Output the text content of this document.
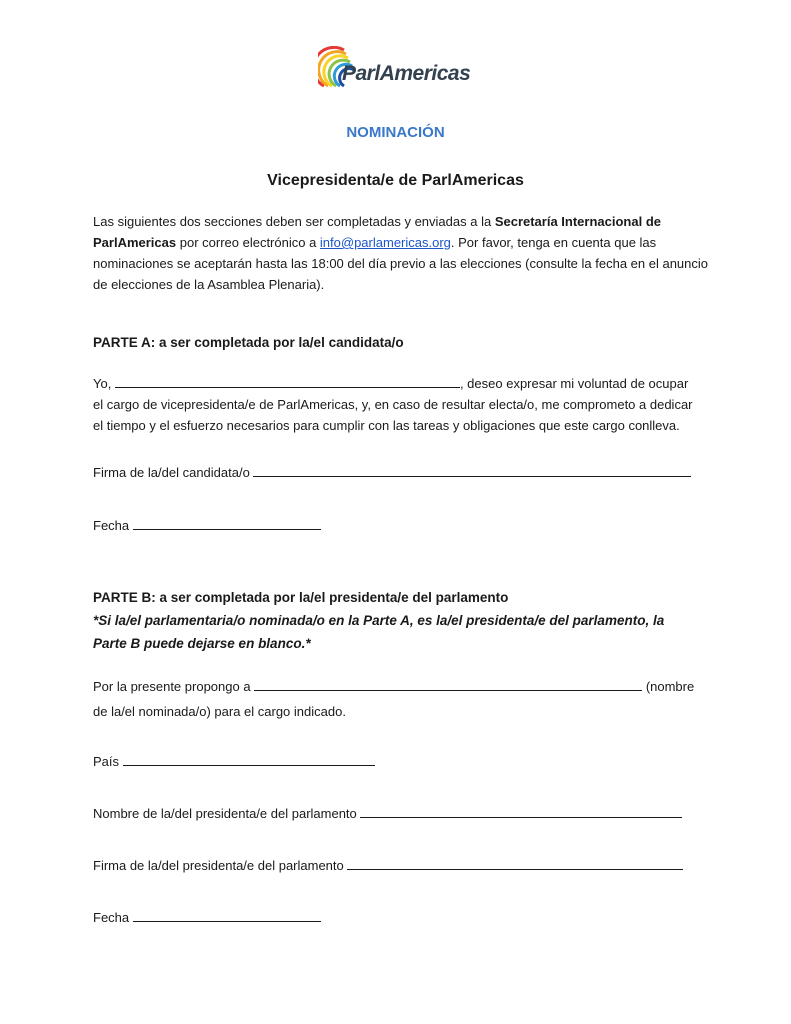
ParlAmericas
NOMINACIÓN
Vicepresidenta/e de ParlAmericas
Las siguientes dos secciones deben ser completadas y enviadas a la Secretaría Internacional de
ParlAmericas por correo electrónico a info@parlamericas.org. Por favor, tenga en cuenta que las
nominaciones se aceptarán hasta las 18:00 del día previo a las elecciones (consulte la fecha en el anuncio
de elecciones de la Asamblea Plenaria).
PARTE A: a ser completada por la/el candidata/o
Yo,	, deseo expresar mi voluntad de ocupar
el cargo de vicepresidenta/e de ParlAmericas, y, en caso de resultar electa/o, me comprometo a dedicar
el tiempo y el esfuerzo necesarios para cumplir con las tareas y obligaciones que este cargo conlleva.
Firma de la/del candidata/o
Fecha
PARTE B: a ser completada por la/el presidenta/e del parlamento
*Si la/el parlamentaria/o nominada/o en la Parte A, es la/el presidenta/e del parlamento, la
Parte B puede dejarse en blanco.*
Por la presente propongo a	(nombre
de la/el nominada/o) para el cargo indicado.
País
Nombre de la/del presidenta/e del parlamento
Firma de la/del presidenta/e del parlamento
Fecha
